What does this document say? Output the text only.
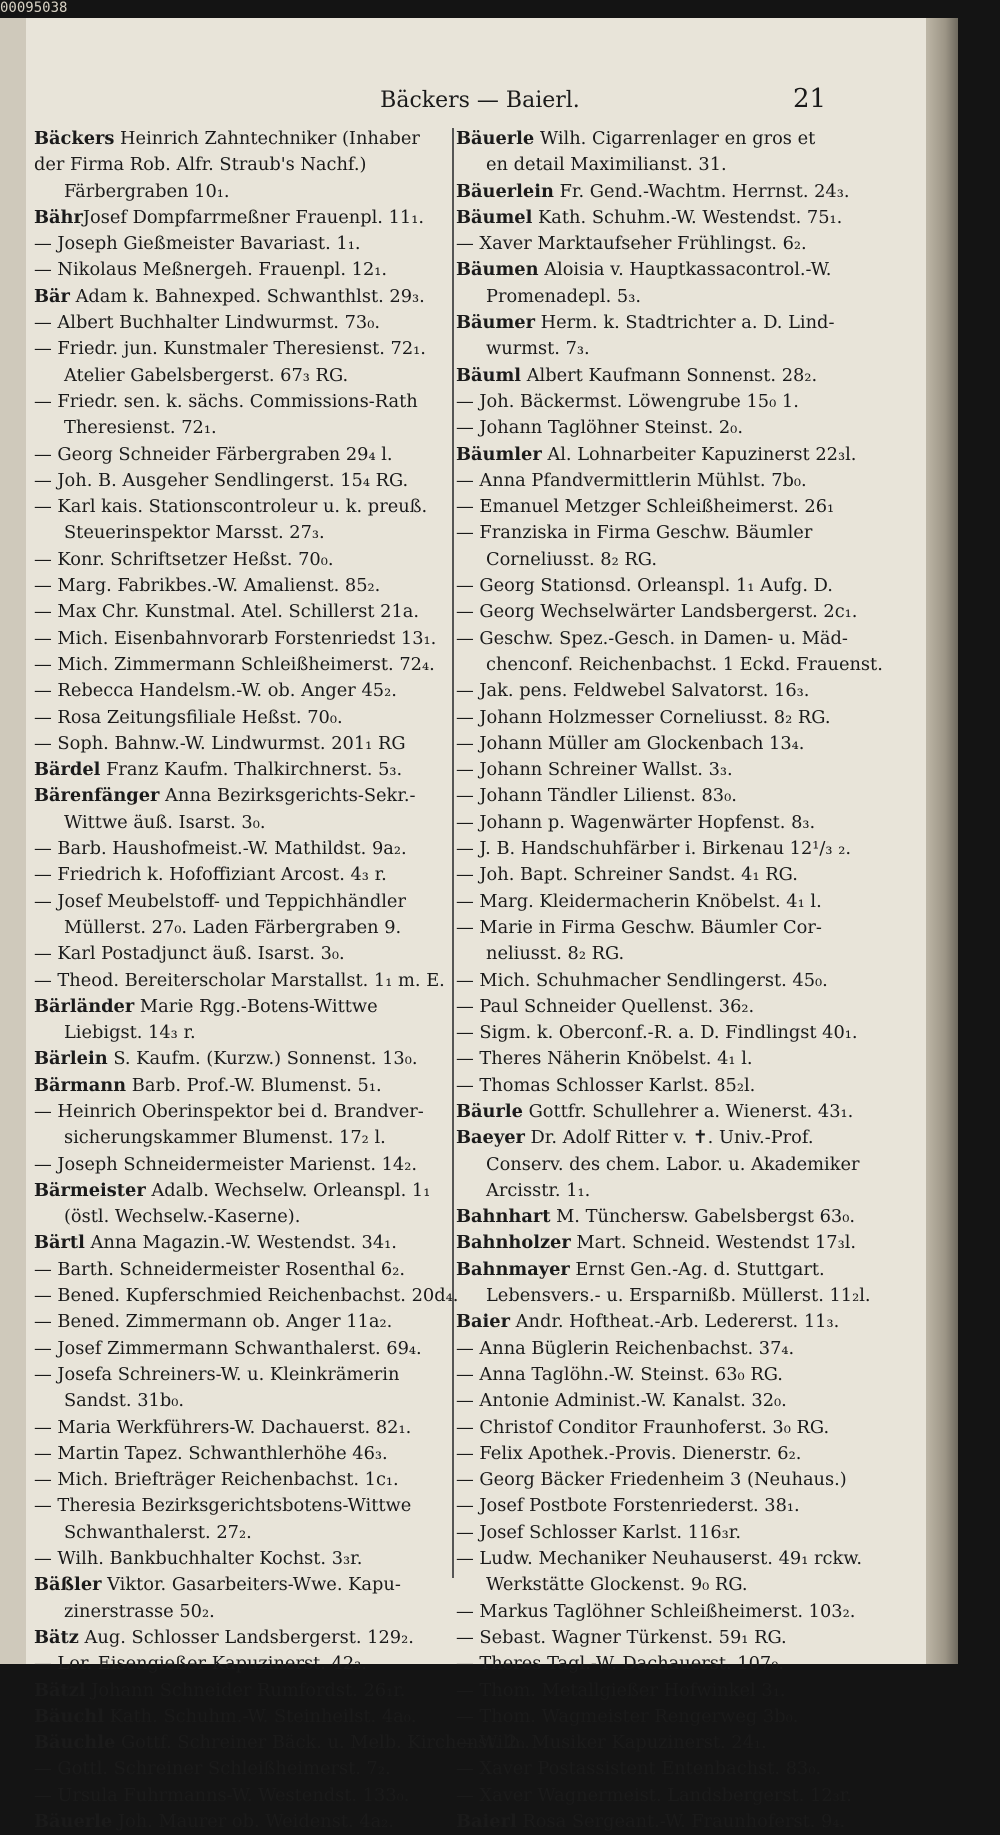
00095038
Bäckers — Baierl.	21
Bäckers Heinrich Zahntechniker (Inhaber
der Firma Rob. Alfr. Straub's Nachf.)
Färbergraben 10₁.
BährJosef Dompfarrmeßner Frauenpl. 11₁.
— Joseph Gießmeister Bavariast. 1₁.
— Nikolaus Meßnergeh. Frauenpl. 12₁.
Bär Adam k. Bahnexped. Schwanthlst. 29₃.
— Albert Buchhalter Lindwurmst. 73₀.
— Friedr. jun. Kunstmaler Theresienst. 72₁.
Atelier Gabelsbergerst. 67₃ RG.
— Friedr. sen. k. sächs. Commissions-Rath
Theresienst. 72₁.
— Georg Schneider Färbergraben 29₄ l.
— Joh. B. Ausgeher Sendlingerst. 15₄ RG.
— Karl kais. Stationscontroleur u. k. preuß.
Steuerinspektor Marsst. 27₃.
— Konr. Schriftsetzer Heßst. 70₀.
— Marg. Fabrikbes.-W. Amalienst. 85₂.
— Max Chr. Kunstmal. Atel. Schillerst 21a.
— Mich. Eisenbahnvorarb Forstenriedst 13₁.
— Mich. Zimmermann Schleißheimerst. 72₄.
— Rebecca Handelsm.-W. ob. Anger 45₂.
— Rosa Zeitungsfiliale Heßst. 70₀.
— Soph. Bahnw.-W. Lindwurmst. 201₁ RG
Bärdel Franz Kaufm. Thalkirchnerst. 5₃.
Bärenfänger Anna Bezirksgerichts-Sekr.-
Wittwe äuß. Isarst. 3₀.
— Barb. Haushofmeist.-W. Mathildst. 9a₂.
— Friedrich k. Hofoffiziant Arcost. 4₃ r.
— Josef Meubelstoff- und Teppichhändler
Müllerst. 27₀. Laden Färbergraben 9.
— Karl Postadjunct äuß. Isarst. 3₀.
— Theod. Bereiterscholar Marstallst. 1₁ m. E.
Bärländer Marie Rgg.-Botens-Wittwe
Liebigst. 14₃ r.
Bärlein S. Kaufm. (Kurzw.) Sonnenst. 13₀.
Bärmann Barb. Prof.-W. Blumenst. 5₁.
— Heinrich Oberinspektor bei d. Brandver-
sicherungskammer Blumenst. 17₂ l.
— Joseph Schneidermeister Marienst. 14₂.
Bärmeister Adalb. Wechselw. Orleanspl. 1₁
(östl. Wechselw.-Kaserne).
Bärtl Anna Magazin.-W. Westendst. 34₁.
— Barth. Schneidermeister Rosenthal 6₂.
— Bened. Kupferschmied Reichenbachst. 20d₄.
— Bened. Zimmermann ob. Anger 11a₂.
— Josef Zimmermann Schwanthalerst. 69₄.
— Josefa Schreiners-W. u. Kleinkrämerin
Sandst. 31b₀.
— Maria Werkführers-W. Dachauerst. 82₁.
— Martin Tapez. Schwanthlerhöhe 46₃.
— Mich. Briefträger Reichenbachst. 1c₁.
— Theresia Bezirksgerichtsbotens-Wittwe
Schwanthalerst. 27₂.
— Wilh. Bankbuchhalter Kochst. 3₃r.
Bäßler Viktor. Gasarbeiters-Wwe. Kapu-
zinerstrasse 50₂.
Bätz Aug. Schlosser Landsbergerst. 129₂.
— Lor. Eisengießer Kapuzinerst. 42₃.
Bätzl Johann Schneider Rumfordst. 26₁r.
Bäuchl Kath. Schuhm.-W. Steinheilst. 4a₀.
Bäuchle Gottf. Schreiner Bäck. u. Melb. Kirchenst. 2₀.
— Gottl. Schreiner Schleißheimerst. 7₂.
— Ursula Fuhrmanns-W. Westendst. 133₀.
Bäuerle Joh. Maurer ob. Weidenst. 4a₂.
Bäuerle Wilh. Cigarrenlager en gros et
en detail Maximilianst. 31.
Bäuerlein Fr. Gend.-Wachtm. Herrnst. 24₃.
Bäumel Kath. Schuhm.-W. Westendst. 75₁.
— Xaver Marktaufseher Frühlingst. 6₂.
Bäumen Aloisia v. Hauptkassacontrol.-W.
Promenadepl. 5₃.
Bäumer Herm. k. Stadtrichter a. D. Lind-
wurmst. 7₃.
Bäuml Albert Kaufmann Sonnenst. 28₂.
— Joh. Bäckermst. Löwengrube 15₀ 1.
— Johann Taglöhner Steinst. 2₀.
Bäumler Al. Lohnarbeiter Kapuzinerst 22₃l.
— Anna Pfandvermittlerin Mühlst. 7b₀.
— Emanuel Metzger Schleißheimerst. 26₁
— Franziska in Firma Geschw. Bäumler
Corneliusst. 8₂ RG.
— Georg Stationsd. Orleanspl. 1₁ Aufg. D.
— Georg Wechselwärter Landsbergerst. 2c₁.
— Geschw. Spez.-Gesch. in Damen- u. Mäd-
chenconf. Reichenbachst. 1 Eckd. Frauenst.
— Jak. pens. Feldwebel Salvatorst. 16₃.
— Johann Holzmesser Corneliusst. 8₂ RG.
— Johann Müller am Glockenbach 13₄.
— Johann Schreiner Wallst. 3₃.
— Johann Tändler Lilienst. 83₀.
— Johann p. Wagenwärter Hopfenst. 8₃.
— J. B. Handschuhfärber i. Birkenau 12¹/₃ ₂.
— Joh. Bapt. Schreiner Sandst. 4₁ RG.
— Marg. Kleidermacherin Knöbelst. 4₁ l.
— Marie in Firma Geschw. Bäumler Cor-
neliusst. 8₂ RG.
— Mich. Schuhmacher Sendlingerst. 45₀.
— Paul Schneider Quellenst. 36₂.
— Sigm. k. Oberconf.-R. a. D. Findlingst 40₁.
— Theres Näherin Knöbelst. 4₁ l.
— Thomas Schlosser Karlst. 85₂l.
Bäurle Gottfr. Schullehrer a. Wienerst. 43₁.
Baeyer Dr. Adolf Ritter v. ✝. Univ.-Prof.
Conserv. des chem. Labor. u. Akademiker
Arcisstr. 1₁.
Bahnhart M. Tünchersw. Gabelsbergst 63₀.
Bahnholzer Mart. Schneid. Westendst 17₃l.
Bahnmayer Ernst Gen.-Ag. d. Stuttgart.
Lebensvers.- u. Ersparnißb. Müllerst. 11₂l.
Baier Andr. Hoftheat.-Arb. Ledererst. 11₃.
— Anna Büglerin Reichenbachst. 37₄.
— Anna Taglöhn.-W. Steinst. 63₀ RG.
— Antonie Administ.-W. Kanalst. 32₀.
— Christof Conditor Fraunhoferst. 3₀ RG.
— Felix Apothek.-Provis. Dienerstr. 6₂.
— Georg Bäcker Friedenheim 3 (Neuhaus.)
— Josef Postbote Forstenriederst. 38₁.
— Josef Schlosser Karlst. 116₃r.
— Ludw. Mechaniker Neuhauserst. 49₁ rckw.
Werkstätte Glockenst. 9₀ RG.
— Markus Taglöhner Schleißheimerst. 103₂.
— Sebast. Wagner Türkenst. 59₁ RG.
— Theres Tagl.-W. Dachauerst. 107₀.
— Thom. Metallgießer Hofwinkel 3₁.
— Thom. Wagmeister Rengerweg 3b₀.
— Wilh. Musiker Kapuzinerst. 24₁.
— Xaver Postassistent Entenbachst. 83₀.
— Xaver Wagnermeist. Landsbergerst. 12₃r.
Baierl Rosa Sergeant.-W. Fraunhoferst. 9₄.
